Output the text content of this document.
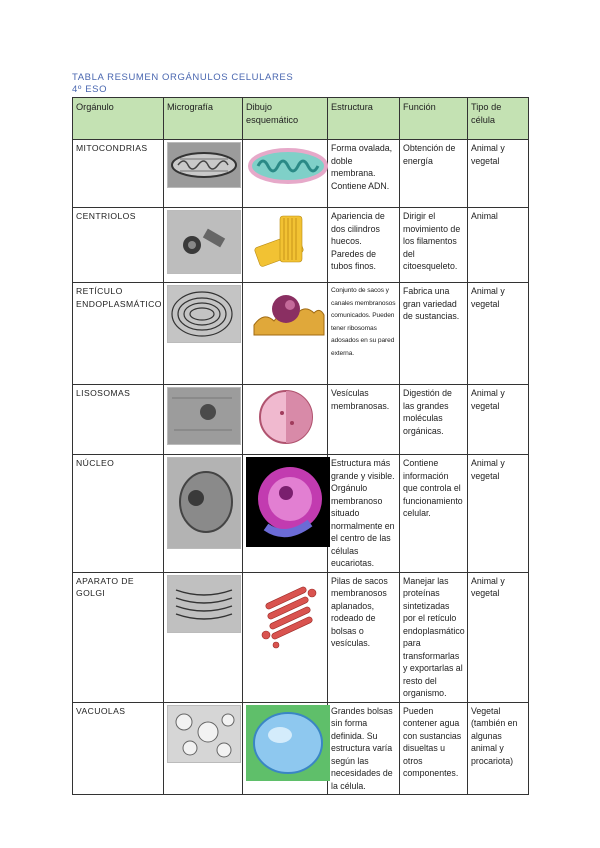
TABLA RESUMEN ORGÁNULOS CELULARES
4º ESO
Orgánulo	Micrografía	Dibujo esquemático	Estructura	Función	Tipo de célula
MITOCONDRIAS			Forma ovalada, doble membrana. Contiene ADN.	Obtención de energía	Animal y vegetal
CENTRIOLOS			Apariencia de dos cilindros huecos. Paredes de tubos finos.	Dirigir el movimiento de los filamentos del citoesqueleto.	Animal
RETÍCULO ENDOPLASMÁTICO			Conjunto de sacos y canales membranosos comunicados. Pueden tener ribosomas adosados en su pared externa.	Fabrica una gran variedad de sustancias.	Animal y vegetal
LISOSOMAS			Vesículas membranosas.	Digestión de las grandes moléculas orgánicas.	Animal y vegetal
NÚCLEO			Estructura más grande y visible. Orgánulo membranoso situado normalmente en el centro de las células eucariotas.	Contiene información que controla el funcionamiento celular.	Animal y vegetal
APARATO DE GOLGI			Pilas de sacos membranosos aplanados, rodeado de bolsas o vesículas.	Manejar las proteínas sintetizadas por el retículo endoplasmático para transformarlas y exportarlas al resto del organismo.	Animal y vegetal
VACUOLAS			Grandes bolsas sin forma definida. Su estructura varía según las necesidades de la célula.	Pueden contener agua con sustancias disueltas u otros componentes.	Vegetal (también en algunas animal y procariota)
